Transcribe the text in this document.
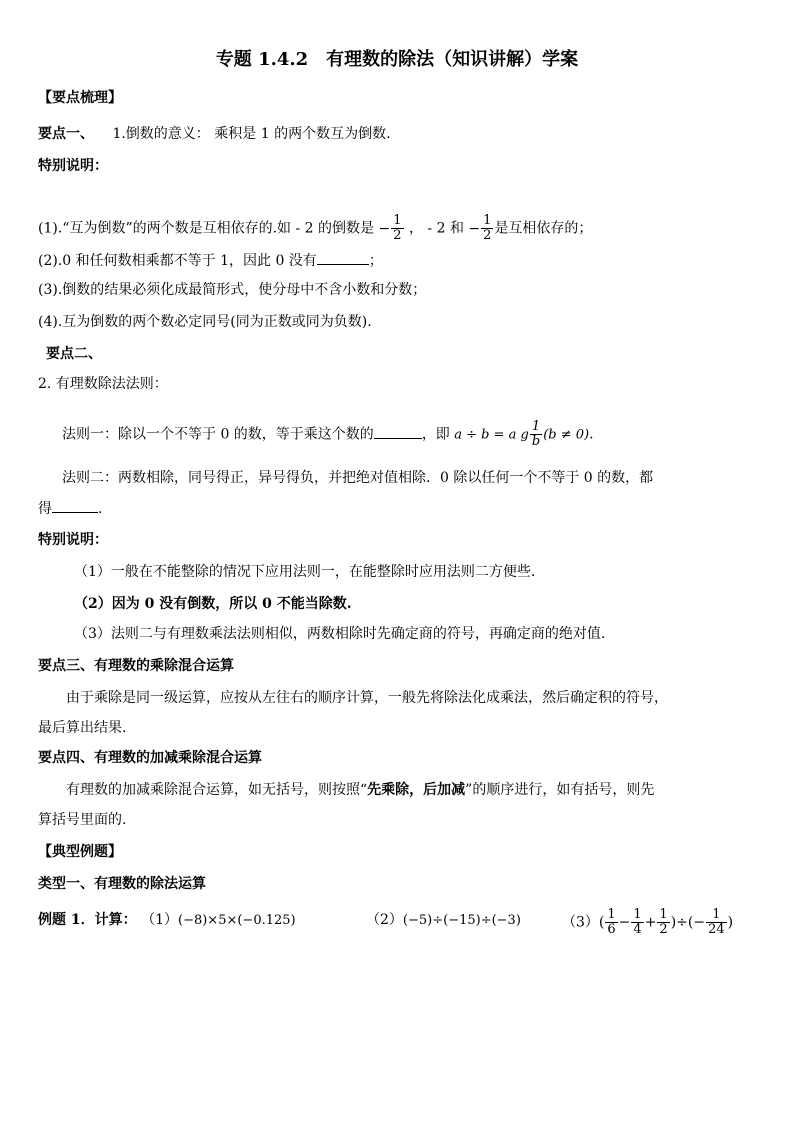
专题 1.4.2　有理数的除法（知识讲解）学案
【要点梳理】
要点一、 1.倒数的意义： 乘积是 1 的两个数互为倒数.
特别说明：
(1).“互为倒数”的两个数是互相依存的.如 - 2 的倒数是 − $\frac{1}{2}$ ， - 2 和 − $\frac{1}{2}$ 是互相依存的；
(2).0 和任何数相乘都不等于 1，因此 0 没有	；
(3).倒数的结果必须化成最简形式，使分母中不含小数和分数；
(4).互为倒数的两个数必定同号(同为正数或同为负数).
要点二、
2. 有理数除法法则：
法则一：除以一个不等于 0 的数，等于乘这个数的	，即 a ÷ b = a g $\frac{1}{b} (b \ne 0)$.
法则二：两数相除，同号得正，异号得负，并把绝对值相除．0 除以任何一个不等于 0 的数，都
得	.
特别说明：
（1）一般在不能整除的情况下应用法则一，在能整除时应用法则二方便些.
（2）因为 0 没有倒数，所以 0 不能当除数.
（3）法则二与有理数乘法法则相似，两数相除时先确定商的符号，再确定商的绝对值.
要点三、有理数的乘除混合运算
由于乘除是同一级运算，应按从左往右的顺序计算，一般先将除法化成乘法，然后确定积的符号，
最后算出结果.
要点四、有理数的加减乘除混合运算
有理数的加减乘除混合运算，如无括号，则按照“先乘除，后加减”的顺序进行，如有括号，则先
算括号里面的.
【典型例题】
类型一、有理数的除法运算
例题 1．计算： （1）(−8)×5×(−0.125)	（2）(−5)÷(−15)÷(−3)	$(3)( \frac{1}{6} - \frac{1}{4} + \frac{1}{2}$ )÷(− $\frac{1}{24}$ )
